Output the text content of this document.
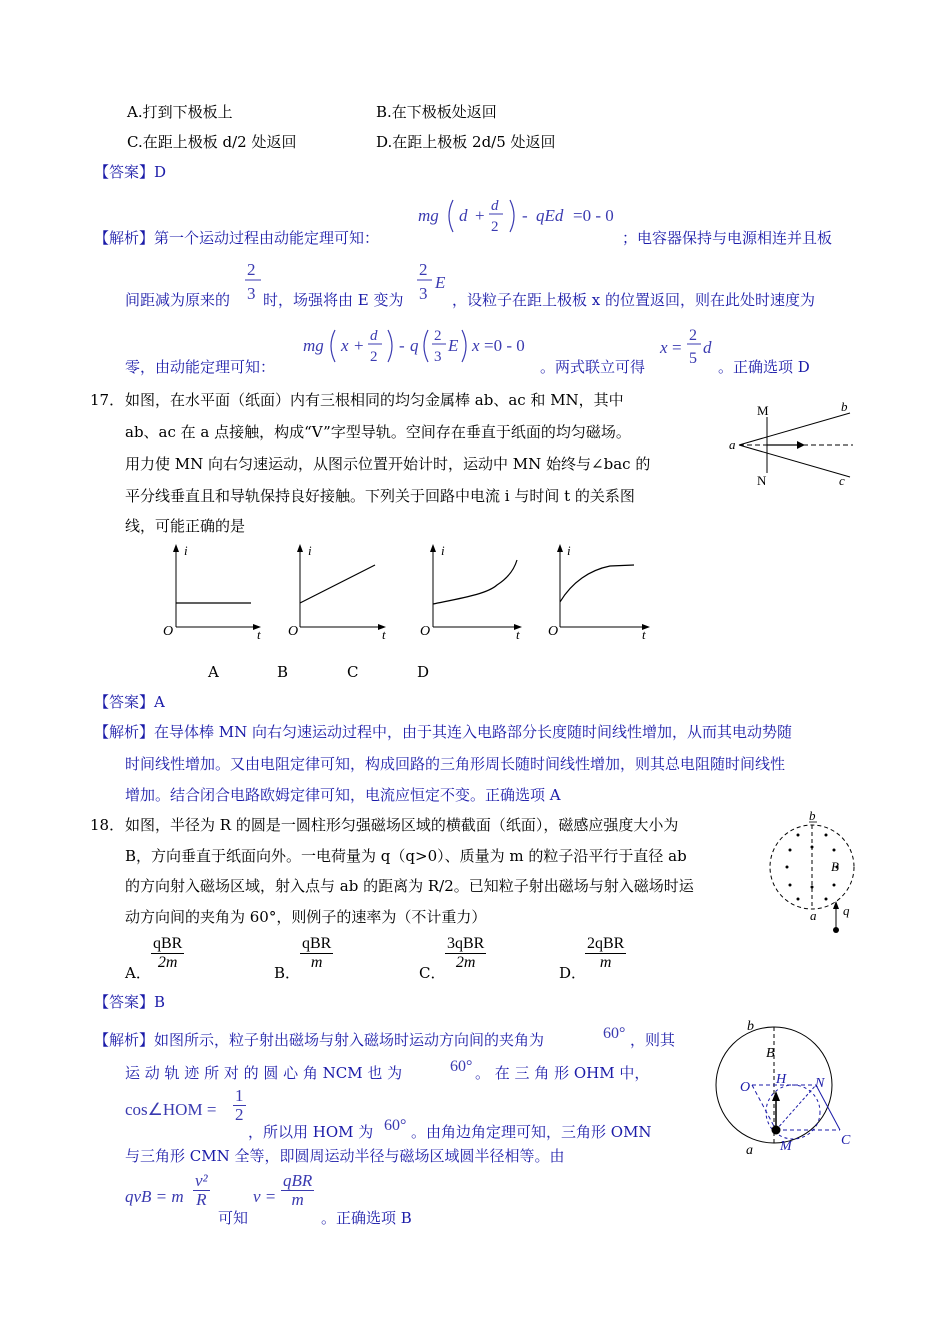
A.打到下极板上	B.在下极板处返回
C.在距上极板 d/2 处返回	D.在距上极板 2d/5 处返回
【答案】D
【解析】第一个运动过程由动能定理可知：
mg d + d
2
- qEd =0 - 0
；电容器保持与电源相连并且板
间距减为原来的
2
3 时，场强将由 E 变为
2
3
E
，设粒子在距上极板 x 的位置返回，则在此处时速度为
零，由动能定理可知：
mg x + d
2
- q 2
3
E x =0 - 0
。两式联立可得
x =
2
5
d
。正确选项 D
17． 如图，在水平面（纸面）内有三根相同的均匀金属棒 ab、ac 和 MN，其中
ab、ac 在 a 点接触，构成“V”字型导轨。空间存在垂直于纸面的均匀磁场。
用力使 MN 向右匀速运动，从图示位置开始计时，运动中 MN 始终与∠bac 的
平分线垂直且和导轨保持良好接触。下列关于回路中电流 i 与时间 t 的关系图
线，可能正确的是
M
N
a
b
c
i
O	t
i
O	t
i
O	t
i
O	t
A	B	C	D
【答案】A
【解析】在导体棒 MN 向右匀速运动过程中，由于其连入电路部分长度随时间线性增加，从而其电动势随
时间线性增加。又由电阻定律可知，构成回路的三角形周长随时间线性增加，则其总电阻随时间线性
增加。结合闭合电路欧姆定律可知，电流应恒定不变。正确选项 A
18． 如图，半径为 R 的圆是一圆柱形匀强磁场区域的横截面（纸面），磁感应强度大小为
B，方向垂直于纸面向外。一电荷量为 q（q>0）、质量为 m 的粒子沿平行于直径 ab
的方向射入磁场区域，射入点与 ab 的距离为 R/2。已知粒子射出磁场与射入磁场时运
动方向间的夹角为 60°，则例子的速率为（不计重力）
b
B
a q
A．
qBR
2m
B．
qBR
m
C．
3qBR
2m
D．
2qBR
m
【答案】B
【解析】如图所示，粒子射出磁场与射入磁场时运动方向间的夹角为	60° ，则其
运 动 轨 迹 所 对 的 圆 心 角 NCM 也 为	60° 。 在 三 角 形 OHM 中，
cos∠HOM = $\frac{1}{2}$
，所以用 HOM 为 60° 。由角边角定理可知，三角形 OMN
与三角形 CMN 全等，即圆周运动半径与磁场区域圆半径相等。由
qvB = m $\frac{\text{v²}}{R}$
可知
v =
qBR
m
。正确选项 B
b
B
O
H N
M	C
a
